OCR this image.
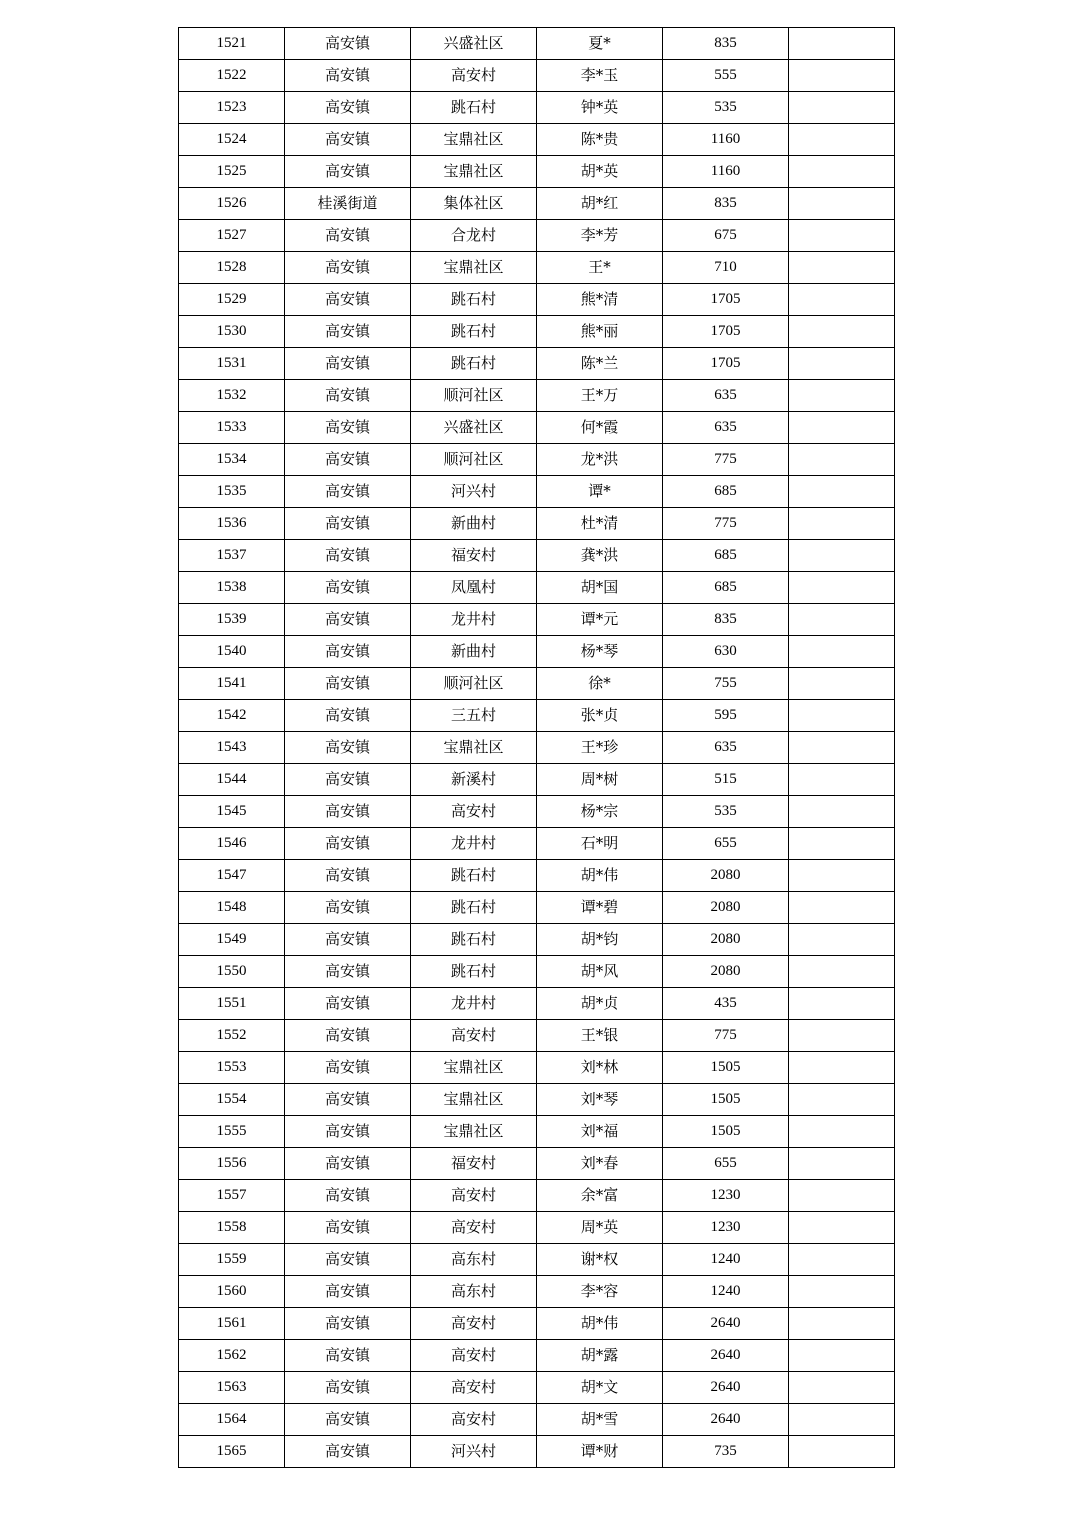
1521	高安镇	兴盛社区	夏*	835	
1522	高安镇	高安村	李*玉	555	
1523	高安镇	跳石村	钟*英	535	
1524	高安镇	宝鼎社区	陈*贵	1160	
1525	高安镇	宝鼎社区	胡*英	1160	
1526	桂溪街道	集体社区	胡*红	835	
1527	高安镇	合龙村	李*芳	675	
1528	高安镇	宝鼎社区	王*	710	
1529	高安镇	跳石村	熊*清	1705	
1530	高安镇	跳石村	熊*丽	1705	
1531	高安镇	跳石村	陈*兰	1705	
1532	高安镇	顺河社区	王*万	635	
1533	高安镇	兴盛社区	何*霞	635	
1534	高安镇	顺河社区	龙*洪	775	
1535	高安镇	河兴村	谭*	685	
1536	高安镇	新曲村	杜*清	775	
1537	高安镇	福安村	龚*洪	685	
1538	高安镇	凤凰村	胡*国	685	
1539	高安镇	龙井村	谭*元	835	
1540	高安镇	新曲村	杨*琴	630	
1541	高安镇	顺河社区	徐*	755	
1542	高安镇	三五村	张*贞	595	
1543	高安镇	宝鼎社区	王*珍	635	
1544	高安镇	新溪村	周*树	515	
1545	高安镇	高安村	杨*宗	535	
1546	高安镇	龙井村	石*明	655	
1547	高安镇	跳石村	胡*伟	2080	
1548	高安镇	跳石村	谭*碧	2080	
1549	高安镇	跳石村	胡*钧	2080	
1550	高安镇	跳石村	胡*风	2080	
1551	高安镇	龙井村	胡*贞	435	
1552	高安镇	高安村	王*银	775	
1553	高安镇	宝鼎社区	刘*林	1505	
1554	高安镇	宝鼎社区	刘*琴	1505	
1555	高安镇	宝鼎社区	刘*福	1505	
1556	高安镇	福安村	刘*春	655	
1557	高安镇	高安村	余*富	1230	
1558	高安镇	高安村	周*英	1230	
1559	高安镇	高东村	谢*权	1240	
1560	高安镇	高东村	李*容	1240	
1561	高安镇	高安村	胡*伟	2640	
1562	高安镇	高安村	胡*露	2640	
1563	高安镇	高安村	胡*文	2640	
1564	高安镇	高安村	胡*雪	2640	
1565	高安镇	河兴村	谭*财	735	
